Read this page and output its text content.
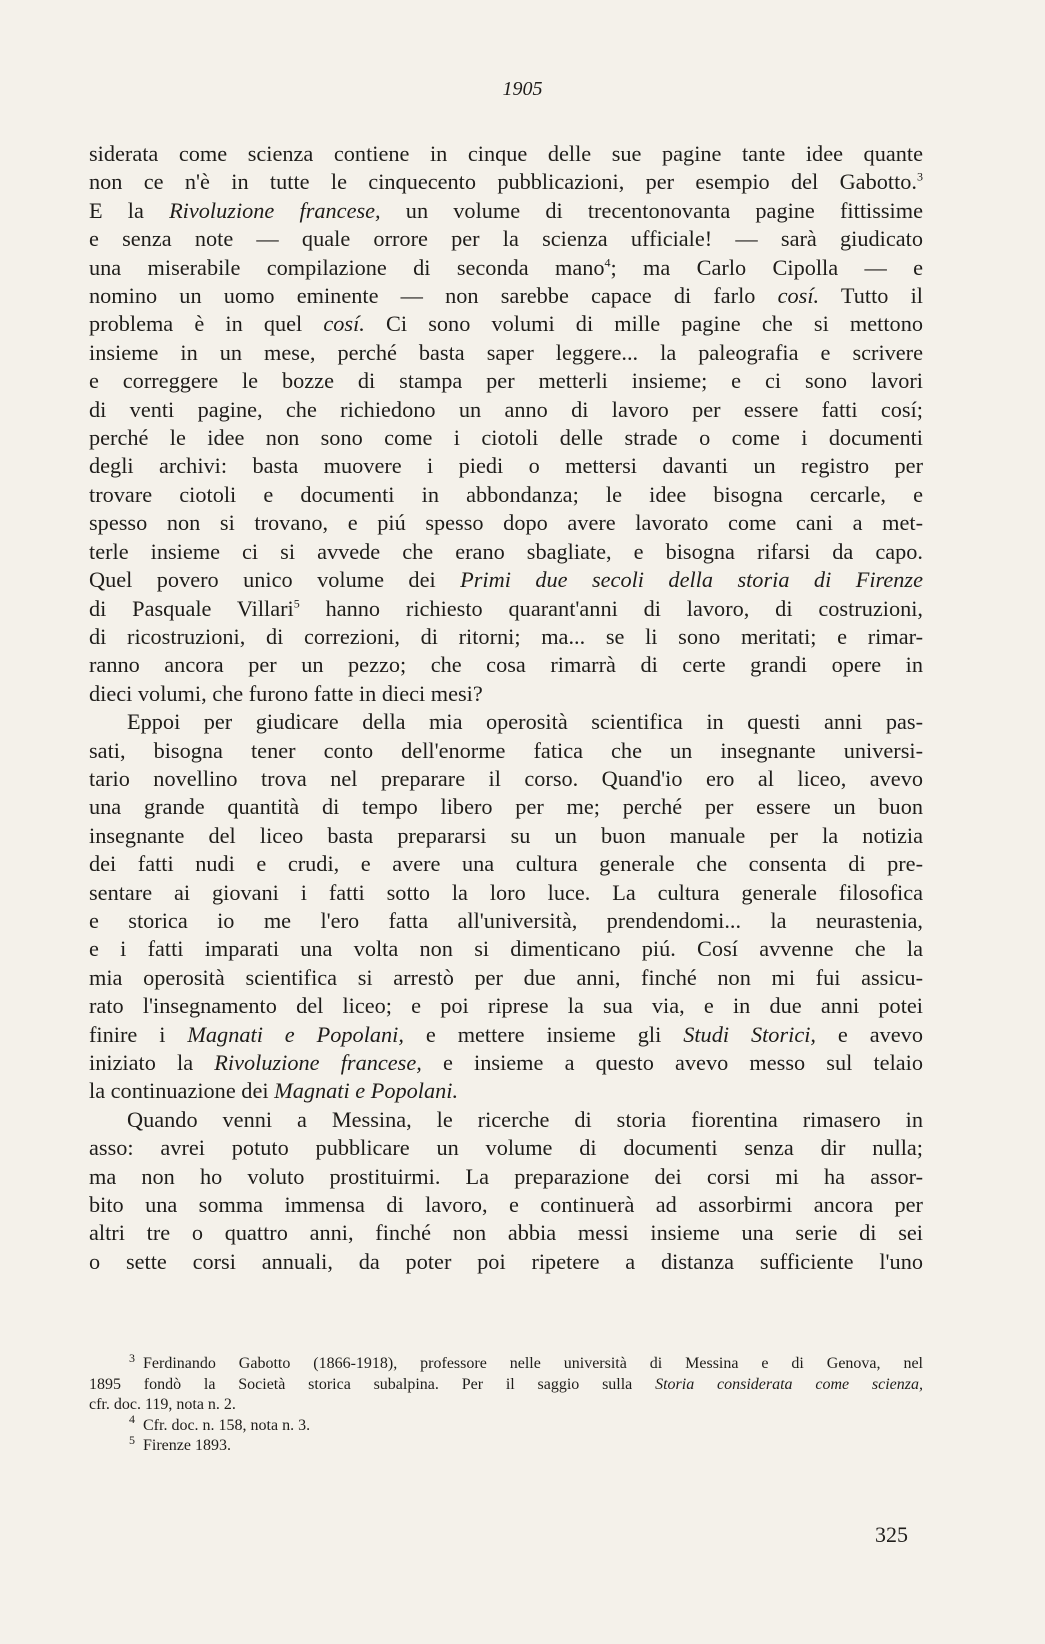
1905

siderata come scienza contiene in cinque delle sue pagine tante idee quante
non ce n'è in tutte le cinquecento pubblicazioni, per esempio del Gabotto.$^3$
E la Rivoluzione francese, un volume di trecentonovanta pagine fittissime
e senza note — quale orrore per la scienza ufficiale! — sarà giudicato
una miserabile compilazione di seconda mano$^4$; ma Carlo Cipolla — e
nomino un uomo eminente — non sarebbe capace di farlo cosí. Tutto il
problema è in quel cosí. Ci sono volumi di mille pagine che si mettono
insieme in un mese, perché basta saper leggere... la paleografia e scrivere
e correggere le bozze di stampa per metterli insieme; e ci sono lavori
di venti pagine, che richiedono un anno di lavoro per essere fatti cosí;
perché le idee non sono come i ciotoli delle strade o come i documenti
degli archivi: basta muovere i piedi o mettersi davanti un registro per
trovare ciotoli e documenti in abbondanza; le idee bisogna cercarle, e
spesso non si trovano, e piú spesso dopo avere lavorato come cani a met-
terle insieme ci si avvede che erano sbagliate, e bisogna rifarsi da capo.
Quel povero unico volume dei Primi due secoli della storia di Firenze
di Pasquale Villari$^5$ hanno richiesto quarant'anni di lavoro, di costruzioni,
di ricostruzioni, di correzioni, di ritorni; ma... se li sono meritati; e rimar-
ranno ancora per un pezzo; che cosa rimarrà di certe grandi opere in
dieci volumi, che furono fatte in dieci mesi?

Eppoi per giudicare della mia operosità scientifica in questi anni pas-
sati, bisogna tener conto dell'enorme fatica che un insegnante universi-
tario novellino trova nel preparare il corso. Quand'io ero al liceo, avevo
una grande quantità di tempo libero per me; perché per essere un buon
insegnante del liceo basta prepararsi su un buon manuale per la notizia
dei fatti nudi e crudi, e avere una cultura generale che consenta di pre-
sentare ai giovani i fatti sotto la loro luce. La cultura generale filosofica
e storica io me l'ero fatta all'università, prendendomi... la neurastenia,
e i fatti imparati una volta non si dimenticano piú. Cosí avvenne che la
mia operosità scientifica si arrestò per due anni, finché non mi fui assicu-
rato l'insegnamento del liceo; e poi riprese la sua via, e in due anni potei
finire i Magnati e Popolani, e mettere insieme gli Studi Storici, e avevo
iniziato la Rivoluzione francese, e insieme a questo avevo messo sul telaio
la continuazione dei Magnati e Popolani.

Quando venni a Messina, le ricerche di storia fiorentina rimasero in
asso: avrei potuto pubblicare un volume di documenti senza dir nulla;
ma non ho voluto prostituirmi. La preparazione dei corsi mi ha assor-
bito una somma immensa di lavoro, e continuerà ad assorbirmi ancora per
altri tre o quattro anni, finché non abbia messi insieme una serie di sei
o sette corsi annuali, da poter poi ripetere a distanza sufficiente l'uno

$^3$ Ferdinando Gabotto (1866-1918), professore nelle università di Messina e di Genova, nel
1895 fondò la Società storica subalpina. Per il saggio sulla Storia considerata come scienza,
cfr. doc. 119, nota n. 2.
$^4$ Cfr. doc. n. 158, nota n. 3.
$^5$ Firenze 1893.
325
